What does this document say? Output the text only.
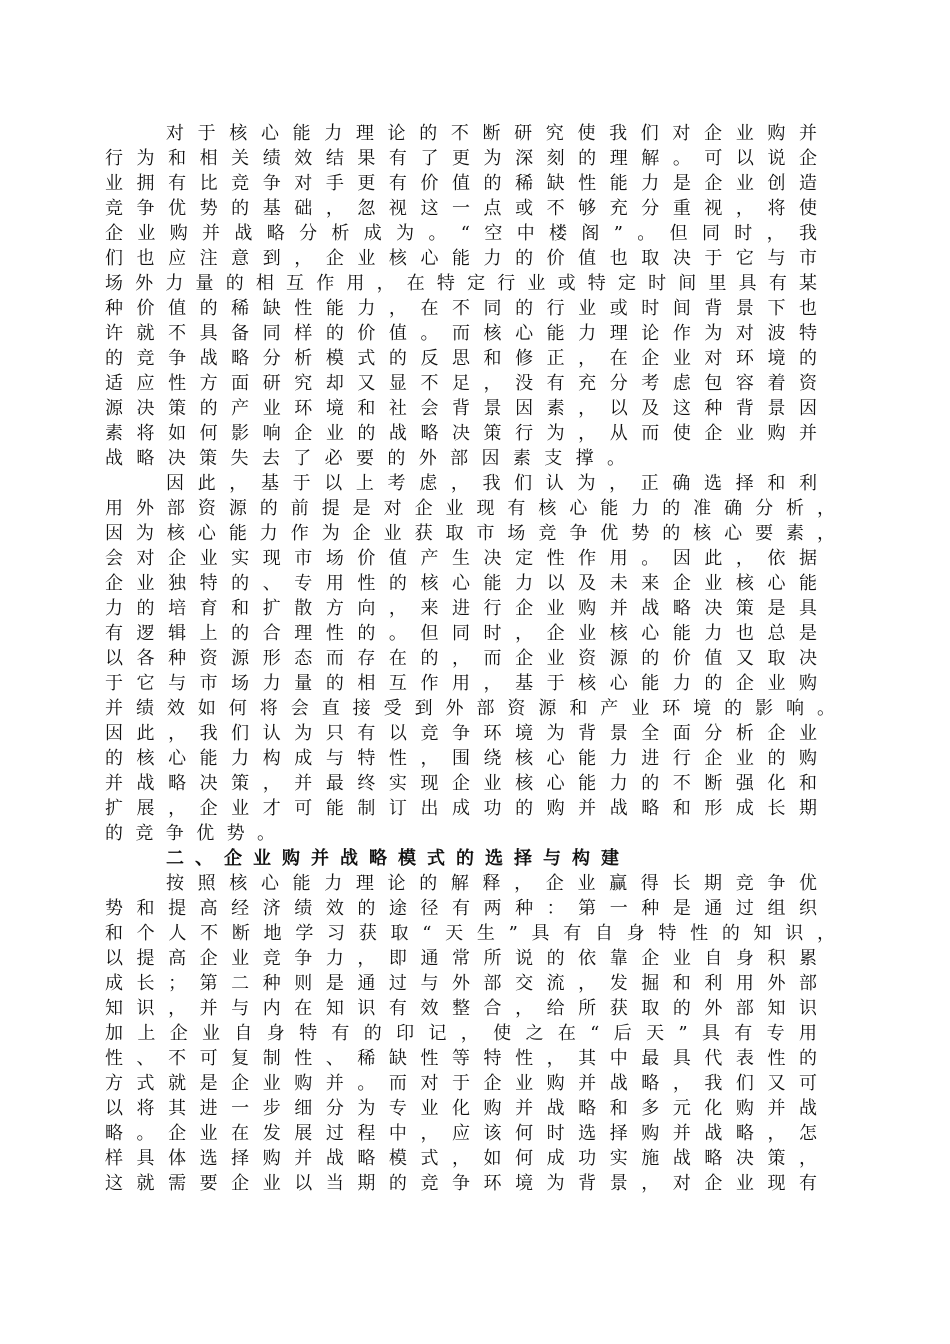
对于核心能力理论的不断研究使我们对企业购并
行为和相关绩效结果有了更为深刻的理解。可以说企
业拥有比竞争对手更有价值的稀缺性能力是企业创造
竞争优势的基础，忽视这一点或不够充分重视，将使
企业购并战略分析成为。“空中楼阁”。但同时，我
们也应注意到，企业核心能力的价值也取决于它与市
场外力量的相互作用，在特定行业或特定时间里具有某
种价值的稀缺性能力，在不同的行业或时间背景下也
许就不具备同样的价值。而核心能力理论作为对波特
的竞争战略分析模式的反思和修正，在企业对环境的
适应性方面研究却又显不足，没有充分考虑包容着资
源决策的产业环境和社会背景因素，以及这种背景因
素将如何影响企业的战略决策行为，从而使企业购并
战略决策失去了必要的外部因素支撑。
因此，基于以上考虑，我们认为，正确选择和利
用外部资源的前提是对企业现有核心能力的准确分析，
因为核心能力作为企业获取市场竞争优势的核心要素，
会对企业实现市场价值产生决定性作用。因此，依据
企业独特的、专用性的核心能力以及未来企业核心能
力的培育和扩散方向，来进行企业购并战略决策是具
有逻辑上的合理性的。但同时，企业核心能力也总是
以各种资源形态而存在的，而企业资源的价值又取决
于它与市场力量的相互作用，基于核心能力的企业购
并绩效如何将会直接受到外部资源和产业环境的影响。
因此，我们认为只有以竞争环境为背景全面分析企业
的核心能力构成与特性，围绕核心能力进行企业的购
并战略决策，并最终实现企业核心能力的不断强化和
扩展，企业才可能制订出成功的购并战略和形成长期
的竞争优势。
二、企业购并战略模式的选择与构建
按照核心能力理论的解释，企业赢得长期竞争优
势和提高经济绩效的途径有两种：第一种是通过组织
和个人不断地学习获取“天生”具有自身特性的知识，
以提高企业竞争力，即通常所说的依靠企业自身积累
成长；第二种则是通过与外部交流，发掘和利用外部
知识，并与内在知识有效整合，给所获取的外部知识
加上企业自身特有的印记，使之在“后天”具有专用
性、不可复制性、稀缺性等特性，其中最具代表性的
方式就是企业购并。而对于企业购并战略，我们又可
以将其进一步细分为专业化购并战略和多元化购并战
略。企业在发展过程中，应该何时选择购并战略，怎
样具体选择购并战略模式，如何成功实施战略决策，
这就需要企业以当期的竞争环境为背景，对企业现有
